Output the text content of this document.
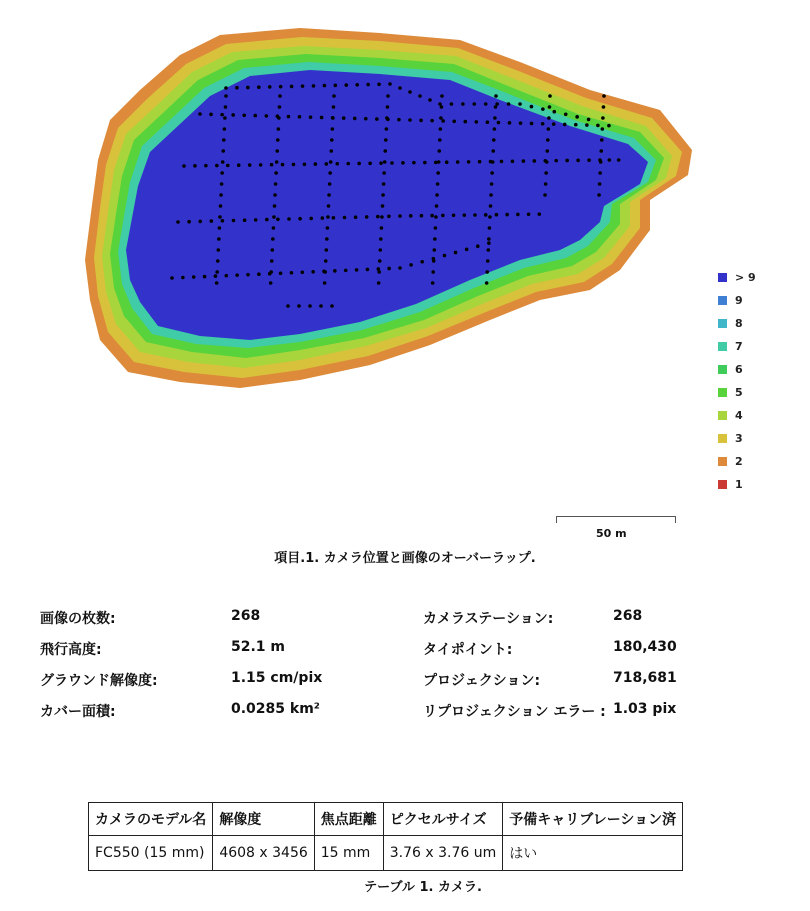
> 9
9
8
7
6
5
4
3
2
1
50 m
項目.1. カメラ位置と画像のオーバーラップ.
画像の枚数:	268
飛行高度:	52.1 m
グラウンド解像度:	1.15 cm/pix
カバー面積:	0.0285 km²
カメラステーション:	268
タイポイント:	180,430
プロジェクション:	718,681
リプロジェクション エラー : 1.03 pix
カメラのモデル名	解像度	焦点距離	ピクセルサイズ	予備キャリブレーション済
FC550 (15 mm)	4608 x 3456	15 mm	3.76 x 3.76 um	はい
テーブル 1. カメラ.
